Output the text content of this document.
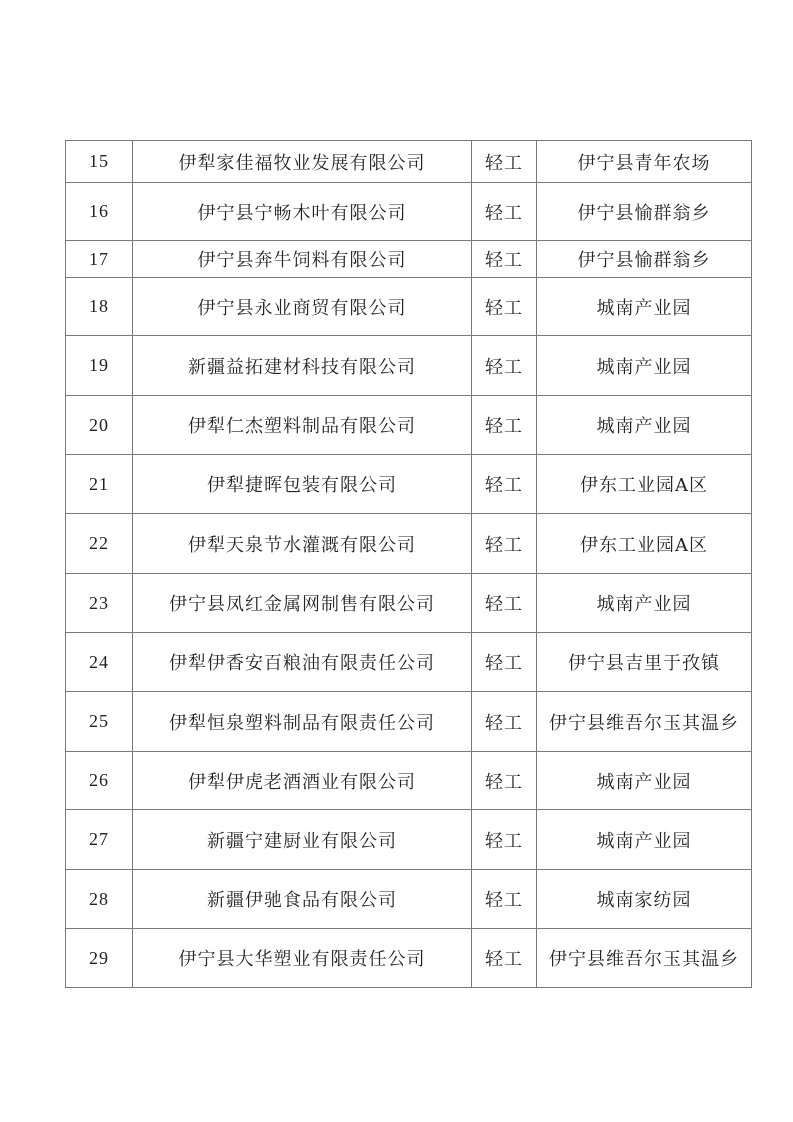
15	伊犁家佳福牧业发展有限公司	轻工	伊宁县青年农场
16	伊宁县宁畅木叶有限公司	轻工	伊宁县愉群翁乡
17	伊宁县奔牛饲料有限公司	轻工	伊宁县愉群翁乡
18	伊宁县永业商贸有限公司	轻工	城南产业园
19	新疆益拓建材科技有限公司	轻工	城南产业园
20	伊犁仁杰塑料制品有限公司	轻工	城南产业园
21	伊犁捷晖包装有限公司	轻工	伊东工业园A区
22	伊犁天泉节水灌溉有限公司	轻工	伊东工业园A区
23	伊宁县凤红金属网制售有限公司	轻工	城南产业园
24	伊犁伊香安百粮油有限责任公司	轻工	伊宁县吉里于孜镇
25	伊犁恒泉塑料制品有限责任公司	轻工	伊宁县维吾尔玉其温乡
26	伊犁伊虎老酒酒业有限公司	轻工	城南产业园
27	新疆宁建厨业有限公司	轻工	城南产业园
28	新疆伊驰食品有限公司	轻工	城南家纺园
29	伊宁县大华塑业有限责任公司	轻工	伊宁县维吾尔玉其温乡
